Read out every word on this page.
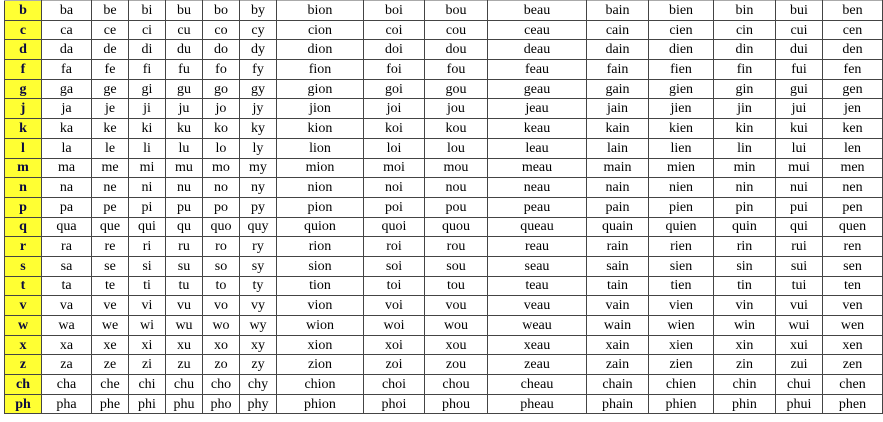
b	ba	be	bi	bu	bo	by	bion	boi	bou	beau	bain	bien	bin	bui	ben
c	ca	ce	ci	cu	co	cy	cion	coi	cou	ceau	cain	cien	cin	cui	cen
d	da	de	di	du	do	dy	dion	doi	dou	deau	dain	dien	din	dui	den
f	fa	fe	fi	fu	fo	fy	fion	foi	fou	feau	fain	fien	fin	fui	fen
g	ga	ge	gi	gu	go	gy	gion	goi	gou	geau	gain	gien	gin	gui	gen
j	ja	je	ji	ju	jo	jy	jion	joi	jou	jeau	jain	jien	jin	jui	jen
k	ka	ke	ki	ku	ko	ky	kion	koi	kou	keau	kain	kien	kin	kui	ken
l	la	le	li	lu	lo	ly	lion	loi	lou	leau	lain	lien	lin	lui	len
m	ma	me	mi	mu	mo	my	mion	moi	mou	meau	main	mien	min	mui	men
n	na	ne	ni	nu	no	ny	nion	noi	nou	neau	nain	nien	nin	nui	nen
p	pa	pe	pi	pu	po	py	pion	poi	pou	peau	pain	pien	pin	pui	pen
q	qua	que	qui	qu	quo	quy	quion	quoi	quou	queau	quain	quien	quin	qui	quen
r	ra	re	ri	ru	ro	ry	rion	roi	rou	reau	rain	rien	rin	rui	ren
s	sa	se	si	su	so	sy	sion	soi	sou	seau	sain	sien	sin	sui	sen
t	ta	te	ti	tu	to	ty	tion	toi	tou	teau	tain	tien	tin	tui	ten
v	va	ve	vi	vu	vo	vy	vion	voi	vou	veau	vain	vien	vin	vui	ven
w	wa	we	wi	wu	wo	wy	wion	woi	wou	weau	wain	wien	win	wui	wen
x	xa	xe	xi	xu	xo	xy	xion	xoi	xou	xeau	xain	xien	xin	xui	xen
z	za	ze	zi	zu	zo	zy	zion	zoi	zou	zeau	zain	zien	zin	zui	zen
ch	cha	che	chi	chu	cho	chy	chion	choi	chou	cheau	chain	chien	chin	chui	chen
ph	pha	phe	phi	phu	pho	phy	phion	phoi	phou	pheau	phain	phien	phin	phui	phen
